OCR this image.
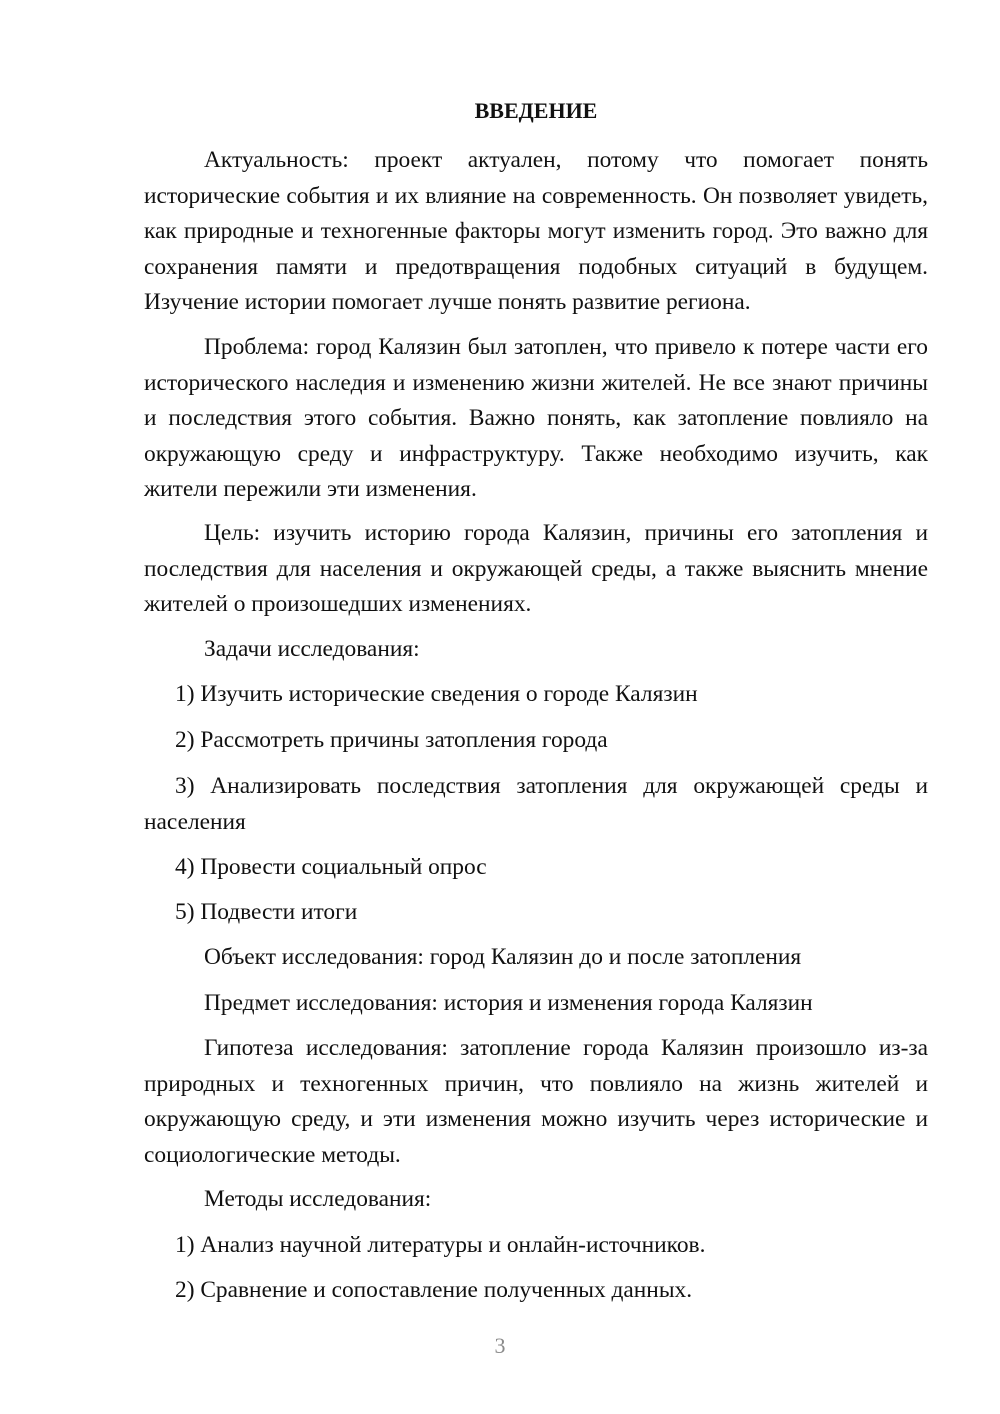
ВВЕДЕНИЕ

Актуальность: проект актуален, потому что помогает понять исторические события и их влияние на современность. Он позволяет увидеть, как природные и техногенные факторы могут изменить город. Это важно для сохранения памяти и предотвращения подобных ситуаций в будущем. Изучение истории помогает лучше понять развитие региона.

Проблема: город Калязин был затоплен, что привело к потере части его исторического наследия и изменению жизни жителей. Не все знают причины и последствия этого события. Важно понять, как затопление повлияло на окружающую среду и инфраструктуру. Также необходимо изучить, как жители пережили эти изменения.

Цель: изучить историю города Калязин, причины его затопления и последствия для населения и окружающей среды, а также выяснить мнение жителей о произошедших изменениях.

Задачи исследования:

1) Изучить исторические сведения о городе Калязин

2) Рассмотреть причины затопления города

3) Анализировать последствия затопления для окружающей среды и населения

4) Провести социальный опрос

5) Подвести итоги

Объект исследования: город Калязин до и после затопления

Предмет исследования: история и изменения города Калязин

Гипотеза исследования: затопление города Калязин произошло из-за природных и техногенных причин, что повлияло на жизнь жителей и окружающую среду, и эти изменения можно изучить через исторические и социологические методы.

Методы исследования:

1) Анализ научной литературы и онлайн-источников.

2) Сравнение и сопоставление полученных данных.

3
